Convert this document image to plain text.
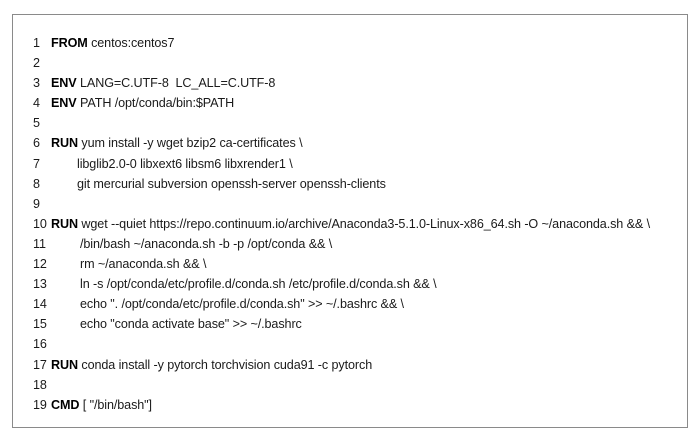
1 FROM centos:centos7
2
3 ENV LANG=C.UTF-8  LC_ALL=C.UTF-8
4 ENV PATH /opt/conda/bin:$PATH
5
6 RUN yum install -y wget bzip2 ca-certificates \
7	libglib2.0-0 libxext6 libsm6 libxrender1 \
8	git mercurial subversion openssh-server openssh-clients
9
10 RUN wget --quiet https://repo.continuum.io/archive/Anaconda3-5.1.0-Linux-x86_64.sh -O ~/anaconda.sh && \
11	/bin/bash ~/anaconda.sh -b -p /opt/conda && \
12	rm ~/anaconda.sh && \
13	ln -s /opt/conda/etc/profile.d/conda.sh /etc/profile.d/conda.sh && \
14	echo ". /opt/conda/etc/profile.d/conda.sh" >> ~/.bashrc && \
15	echo "conda activate base" >> ~/.bashrc
16
17 RUN conda install -y pytorch torchvision cuda91 -c pytorch
18
19 CMD [ "/bin/bash"]
